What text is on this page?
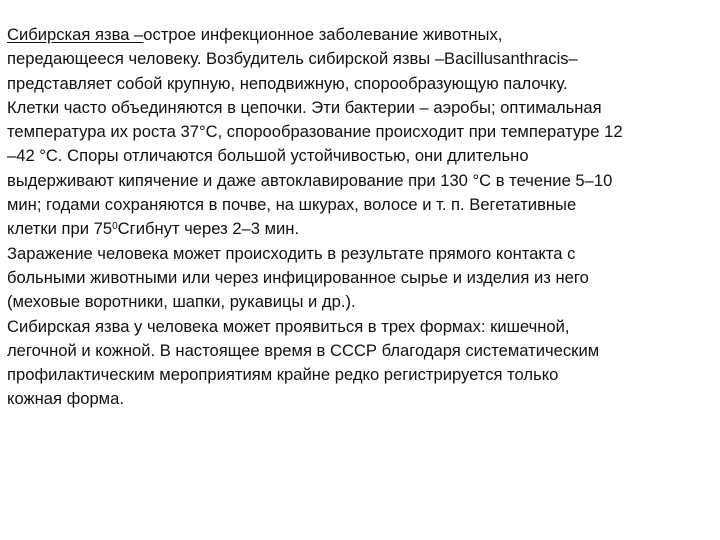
Сибирская язва –острое инфекционное заболевание животных,
передающееся человеку. Возбудитель сибирской язвы –Bacillusanthracis–
представляет собой крупную, неподвижную, спорообразующую палочку.
Клетки часто объединяются в цепочки. Эти бактерии – аэробы; оптимальная
температура их роста 37°С, спорообразование происходит при температуре 12
–42 °С. Споры отличаются большой устойчивостью, они длительно
выдерживают кипячение и даже автоклавирование при 130 °С в течение 5–10
мин; годами сохраняются в почве, на шкурах, волосе и т. п. Вегетативные
клетки при $75^0Сгибнут$ через 2–3 мин.
Заражение человека может происходить в результате прямого контакта с
больными животными или через инфицированное сырье и изделия из него
(меховые воротники, шапки, рукавицы и др.).
Сибирская язва у человека может проявиться в трех формах: кишечной,
легочной и кожной. В настоящее время в СССР благодаря систематическим
профилактическим мероприятиям крайне редко регистрируется только
кожная форма.
